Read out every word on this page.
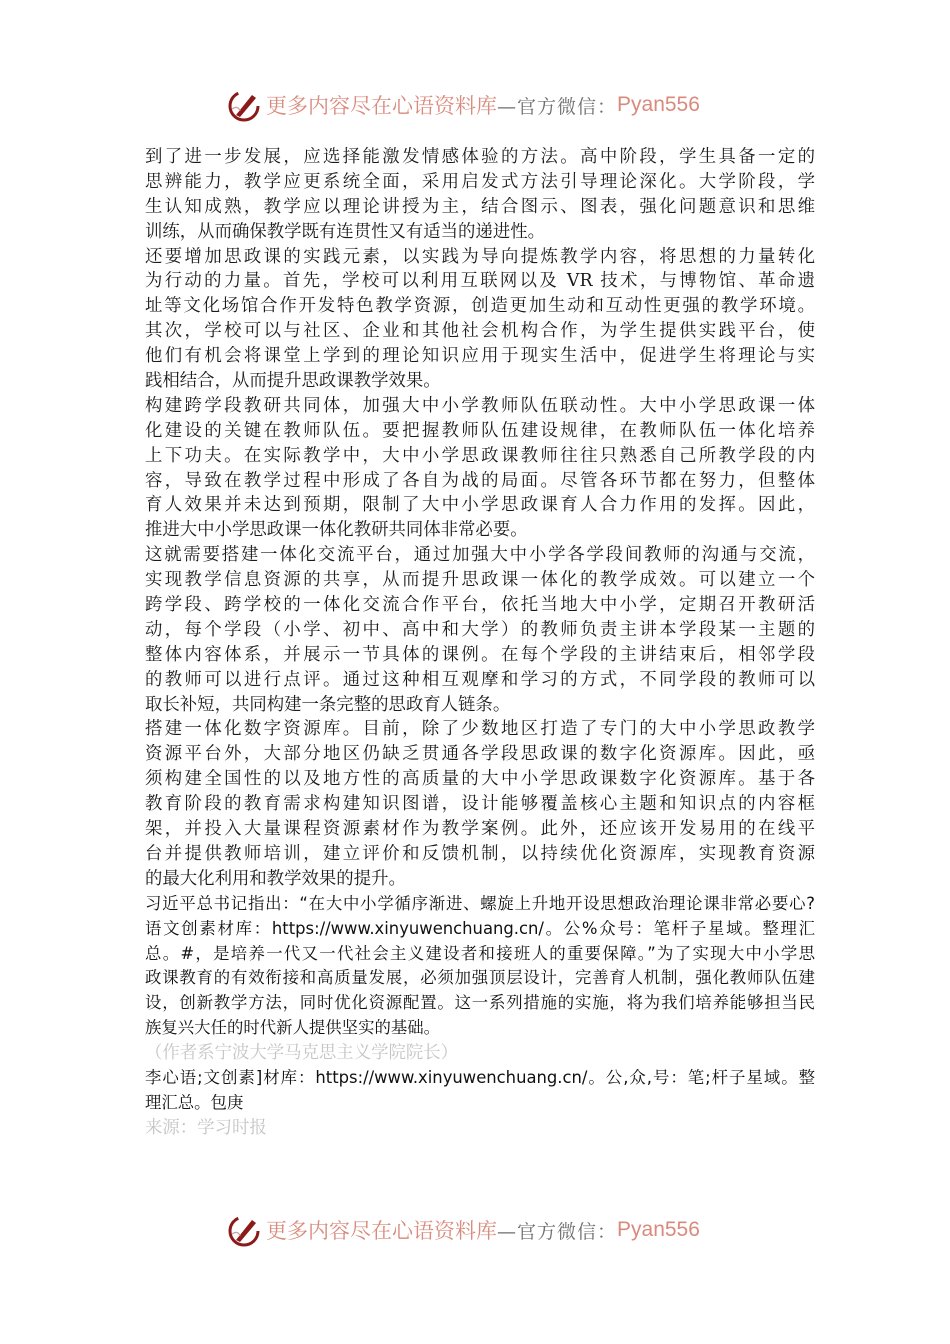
更多内容尽在心语资料库 —官方微信： Pyan556
到了进一步发展，应选择能激发情感体验的方法。高中阶段，学生具备一定的
思辨能力，教学应更系统全面，采用启发式方法引导理论深化。大学阶段，学
生认知成熟，教学应以理论讲授为主，结合图示、图表，强化问题意识和思维
训练，从而确保教学既有连贯性又有适当的递进性。
还要增加思政课的实践元素，以实践为导向提炼教学内容，将思想的力量转化
为行动的力量。首先，学校可以利用互联网以及 VR 技术，与博物馆、革命遗
址等文化场馆合作开发特色教学资源，创造更加生动和互动性更强的教学环境。
其次，学校可以与社区、企业和其他社会机构合作，为学生提供实践平台，使
他们有机会将课堂上学到的理论知识应用于现实生活中，促进学生将理论与实
践相结合，从而提升思政课教学效果。
构建跨学段教研共同体，加强大中小学教师队伍联动性。大中小学思政课一体
化建设的关键在教师队伍。要把握教师队伍建设规律，在教师队伍一体化培养
上下功夫。在实际教学中，大中小学思政课教师往往只熟悉自己所教学段的内
容，导致在教学过程中形成了各自为战的局面。尽管各环节都在努力，但整体
育人效果并未达到预期，限制了大中小学思政课育人合力作用的发挥。因此，
推进大中小学思政课一体化教研共同体非常必要。
这就需要搭建一体化交流平台，通过加强大中小学各学段间教师的沟通与交流，
实现教学信息资源的共享，从而提升思政课一体化的教学成效。可以建立一个
跨学段、跨学校的一体化交流合作平台，依托当地大中小学，定期召开教研活
动，每个学段（小学、初中、高中和大学）的教师负责主讲本学段某一主题的
整体内容体系，并展示一节具体的课例。在每个学段的主讲结束后，相邻学段
的教师可以进行点评。通过这种相互观摩和学习的方式，不同学段的教师可以
取长补短，共同构建一条完整的思政育人链条。
搭建一体化数字资源库。目前，除了少数地区打造了专门的大中小学思政教学
资源平台外，大部分地区仍缺乏贯通各学段思政课的数字化资源库。因此，亟
须构建全国性的以及地方性的高质量的大中小学思政课数字化资源库。基于各
教育阶段的教育需求构建知识图谱，设计能够覆盖核心主题和知识点的内容框
架，并投入大量课程资源素材作为教学案例。此外，还应该开发易用的在线平
台并提供教师培训，建立评价和反馈机制，以持续优化资源库，实现教育资源
的最大化利用和教学效果的提升。
习近平总书记指出：“在大中小学循序渐进、螺旋上升地开设思想政治理论课非常必要心?
语文创素材库：https://www.xinyuwenchuang.cn/。公%众号：笔杆子星域。整理汇
总。#，是培养一代又一代社会主义建设者和接班人的重要保障。”为了实现大中小学思
政课教育的有效衔接和高质量发展，必须加强顶层设计，完善育人机制，强化教师队伍建
设，创新教学方法，同时优化资源配置。这一系列措施的实施，将为我们培养能够担当民
族复兴大任的时代新人提供坚实的基础。
（作者系宁波大学马克思主义学院院长）
李心语;文创素]材库：https://www.xinyuwenchuang.cn/。公,众,号：笔;杆子星域。整
理汇总。包庚
来源：学习时报
更多内容尽在心语资料库 —官方微信： Pyan556
